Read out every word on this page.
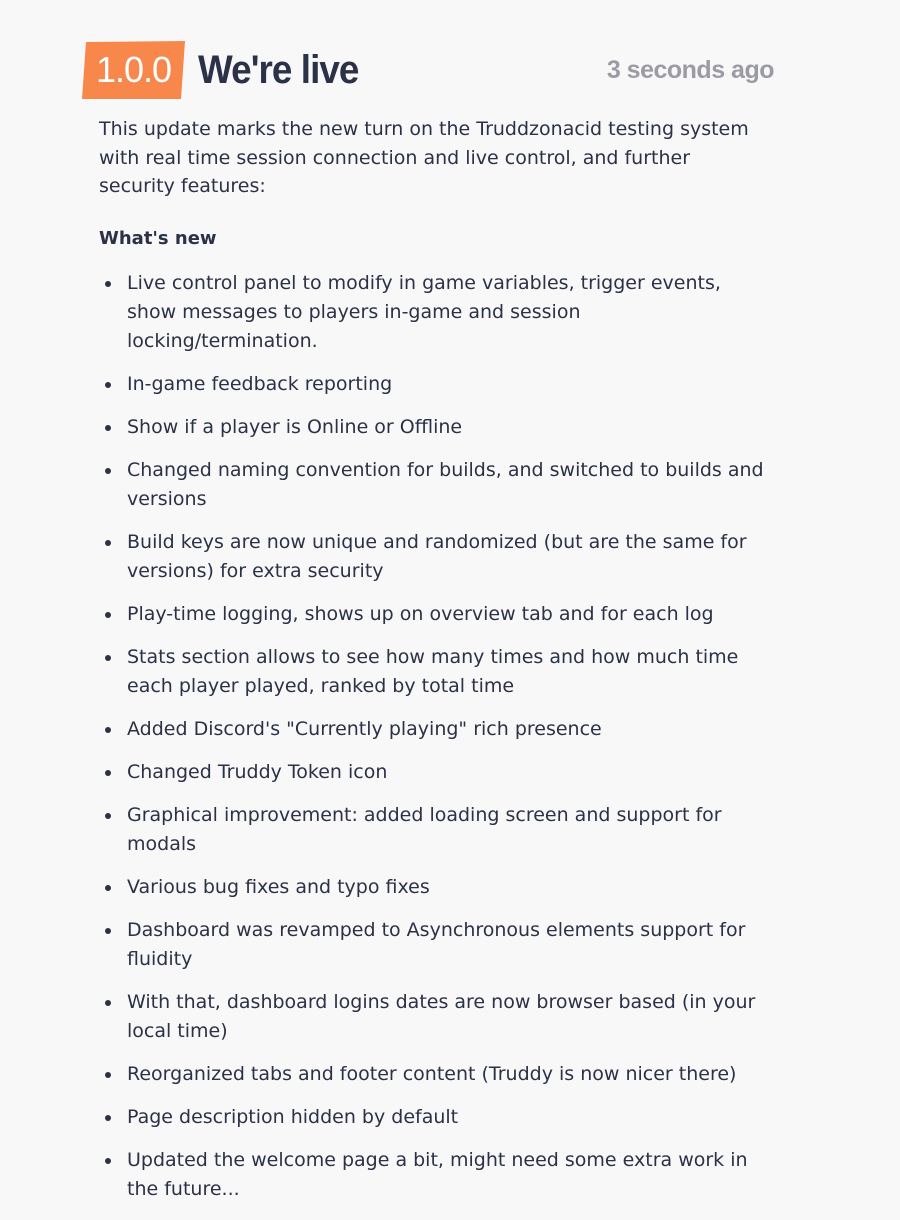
1.0.0 We're live	3 seconds ago

This update marks the new turn on the Truddzonacid testing system with real time session connection and live control, and further security features:

What's new
Live control panel to modify in game variables, trigger events, show messages to players in-game and session locking/termination.
In-game feedback reporting
Show if a player is Online or Offline
Changed naming convention for builds, and switched to builds and versions
Build keys are now unique and randomized (but are the same for versions) for extra security
Play-time logging, shows up on overview tab and for each log
Stats section allows to see how many times and how much time each player played, ranked by total time
Added Discord's "Currently playing" rich presence
Changed Truddy Token icon
Graphical improvement: added loading screen and support for modals
Various bug fixes and typo fixes
Dashboard was revamped to Asynchronous elements support for fluidity
With that, dashboard logins dates are now browser based (in your local time)
Reorganized tabs and footer content (Truddy is now nicer there)
Page description hidden by default
Updated the welcome page a bit, might need some extra work in the future...
